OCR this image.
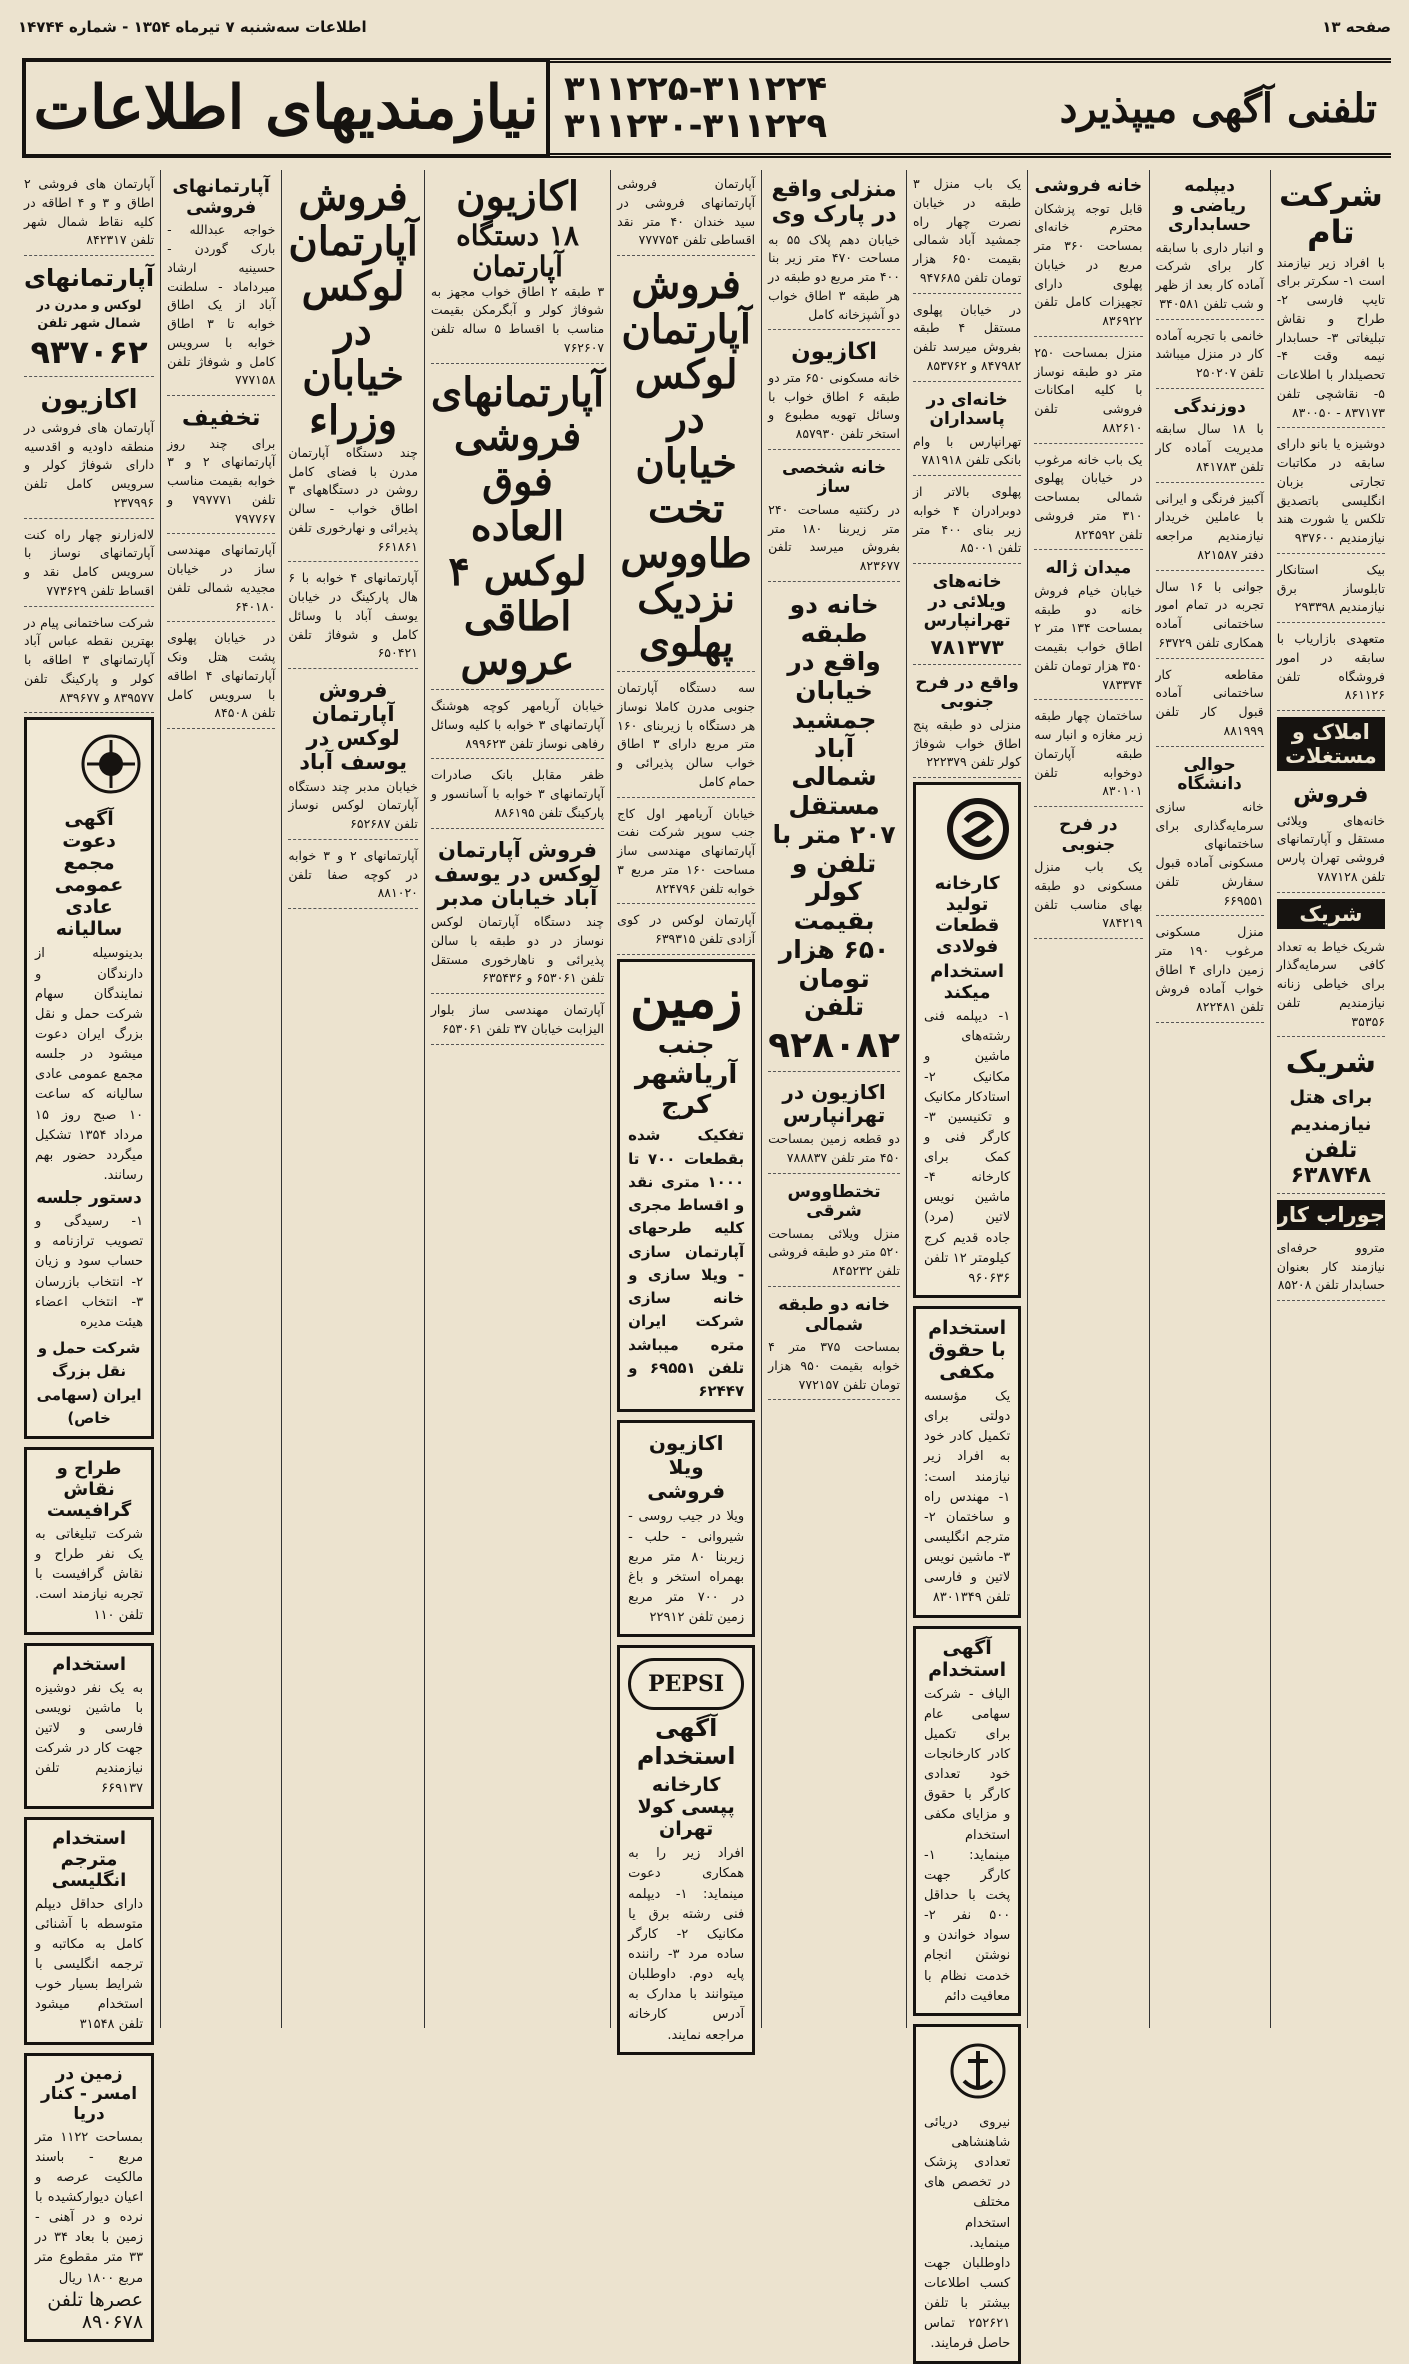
اطلاعات سه‌شنبه ۷ تیرماه ۱۳۵۴ - شماره ۱۴۷۴۴	صفحه ۱۳
نیازمندیهای اطلاعات	تلفنی آگهی میپذیرد
۳۱۱۲۲۵-۳۱۱۲۲۴
۳۱۱۲۳۰-۳۱۱۲۲۹
شرکت تام

با افراد زیر نیازمند است ۱- سکرتر برای تایپ فارسی ۲- طراح و نقاش تبلیغاتی ۳- حسابدار نیمه وقت ۴- تحصیلدار با اطلاعات ۵- نقاشچی تلفن ۸۳۷۱۷۳ - ۸۳۰۰۵۰

دوشیزه یا بانو دارای سابقه در مکاتبات تجارتی بزبان انگلیسی باتصدیق تلکس یا شورت هند نیازمندیم ۹۳۷۶۰۰

بیک استانکار تابلوساز برق نیازمندیم ۲۹۳۳۹۸

متعهدی بازاریاب با سابقه در امور فروشگاه تلفن ۸۶۱۱۲۶

املاک و مستغلات
فروش

خانه‌های ویلائی مستقل و آپارتمانهای فروشی تهران پارس تلفن ۷۸۷۱۲۸

شریک

شریک خیاط به تعداد کافی سرمایه‌گذار برای خیاطی زنانه نیازمندیم تلفن ۳۵۳۵۶

شریک

برای هتل نیازمندیم

تلفن ۶۳۸۷۴۸
جوراب کار

متروو حرفه‌ای نیازمند کار بعنوان حسابدار تلفن ۸۵۲۰۸

دیپلمه ریاضی و حسابداری

و انبار داری با سابقه کار برای شرکت آماده کار بعد از ظهر و شب تلفن ۳۴۰۵۸۱

خانمی با تجربه آماده کار در منزل میباشد تلفن ۲۵۰۲۰۷

دوزندگی

با ۱۸ سال سابقه مدیریت آماده کار تلفن ۸۴۱۷۸۳

آکبیز فرنگی و ایرانی با عاملین خریدار نیازمندیم مراجعه دفتر ۸۲۱۵۸۷

جوانی با ۱۶ سال تجربه در تمام امور ساختمانی آماده همکاری تلفن ۶۳۷۲۹

مقاطعه کار ساختمانی آماده قبول کار تلفن ۸۸۱۹۹۹

حوالی دانشگاه

خانه سازی سرمایه‌گذاری برای ساختمانهای مسکونی آماده قبول سفارش تلفن ۶۶۹۵۵۱

منزل مسکونی مرغوب ۱۹۰ متر زمین دارای ۴ اطاق خواب آماده فروش تلفن ۸۲۲۴۸۱

خانه فروشی

قابل توجه پزشکان محترم خانه‌ای بمساحت ۳۶۰ متر مربع در خیابان پهلوی دارای تجهیزات کامل تلفن ۸۳۶۹۲۲

منزل بمساحت ۲۵۰ متر دو طبقه نوساز با کلیه امکانات فروشی تلفن ۸۸۲۶۱۰

یک باب خانه مرغوب در خیابان پهلوی شمالی بمساحت ۳۱۰ متر فروشی تلفن ۸۲۴۵۹۲

میدان ژاله

خیابان خیام فروش خانه دو طبقه بمساحت ۱۳۴ متر ۲ اطاق خواب بقیمت ۳۵۰ هزار تومان تلفن ۷۸۳۳۷۴

ساختمان چهار طبقه زیر مغازه و انبار سه طبقه آپارتمان دوخوابه تلفن ۸۳۰۱۰۱

در فرح جنوبی

یک باب منزل مسکونی دو طبقه بهای مناسب تلفن ۷۸۴۲۱۹

یک باب منزل ۳ طبقه در خیابان نصرت چهار راه جمشید آباد شمالی بقیمت ۶۵۰ هزار تومان تلفن ۹۴۷۶۸۵

در خیابان پهلوی مستقل ۴ طبقه بفروش میرسد تلفن ۸۴۷۹۸۲ و ۸۵۳۷۶۲

خانه‌ای در پاسداران

تهرانپارس با وام بانکی تلفن ۷۸۱۹۱۸

پهلوی بالاتر از دوبرادران ۴ خوابه زیر بنای ۴۰۰ متر تلفن ۸۵۰۰۱

خانه‌های ویلائی در تهرانپارس
۷۸۱۳۷۳
واقع در فرح جنوبی

منزلی دو طبقه پنج اطاق خواب شوفاژ کولر تلفن ۲۲۲۳۷۹

کارخانه تولید قطعات فولادی
استخدام میکند

۱- دیپلمه فنی رشته‌های ماشین و مکانیک ۲- استادکار مکانیک و تکنیسین ۳- کارگر فنی و کمک برای کارخانه ۴- ماشین نویس لاتین (مرد) جاده قدیم کرج کیلومتر ۱۲ تلفن ۹۶۰۶۳۶

استخدام با حقوق مکفی

یک مؤسسه دولتی برای تکمیل کادر خود به افراد زیر نیازمند است: ۱- مهندس راه و ساختمان ۲- مترجم انگلیسی ۳- ماشین نویس لاتین و فارسی تلفن ۸۳۰۱۳۴۹

آگهی استخدام

الیاف - شرکت سهامی عام برای تکمیل کادر کارخانجات خود تعدادی کارگر با حقوق و مزایای مکفی استخدام مینماید: ۱- کارگر جهت پخت با حداقل ۵۰۰ نفر ۲- سواد خواندن و نوشتن انجام خدمت نظام با معافیت دائم

نیروی دریائی شاهنشاهی تعدادی پزشک در تخصص های مختلف استخدام مینماید. داوطلبان جهت کسب اطلاعات بیشتر با تلفن ۲۵۲۶۲۱ تماس حاصل فرمایند.

منزلی واقع در پارک وی

خیابان دهم پلاک ۵۵ به مساحت ۴۷۰ متر زیر بنا ۴۰۰ متر مربع دو طبقه در هر طبقه ۳ اطاق خواب دو آشپزخانه کامل

اکازیون

خانه مسکونی ۶۵۰ متر دو طبقه ۶ اطاق خواب با وسائل تهویه مطبوع و استخر تلفن ۸۵۷۹۳۰

خانه شخصی ساز

در رکنتیه مساحت ۲۴۰ متر زیربنا ۱۸۰ متر بفروش میرسد تلفن ۸۲۳۶۷۷

خانه دو طبقه واقع در خیابان جمشید آباد شمالی مستقل ۲۰۷ متر با تلفن و کولر بقیمت ۶۵۰ هزار تومان تلفن
۹۲۸۰۸۲
اکازیون در تهرانپارس

دو قطعه زمین بمساحت ۴۵۰ متر تلفن ۷۸۸۸۳۷

تختطاووس شرقی

منزل ویلائی بمساحت ۵۲۰ متر دو طبقه فروشی تلفن ۸۴۵۲۳۲

خانه دو طبقه شمالی

بمساحت ۳۷۵ متر ۴ خوابه بقیمت ۹۵۰ هزار تومان تلفن ۷۷۲۱۵۷

آپارتمان فروشی آپارتمانهای فروشی در سید خندان ۴۰ متر نقد اقساطی تلفن ۷۷۷۷۵۴

فروش آپارتمان لوکس در خیابان تخت طاووس نزدیک پهلوی

سه دستگاه آپارتمان جنوبی مدرن کاملا نوساز هر دستگاه با زیربنای ۱۶۰ متر مربع دارای ۳ اطاق خواب سالن پذیرائی و حمام کامل

خیابان آریامهر اول کاج جنب سوپر شرکت نفت آپارتمانهای مهندسی ساز مساحت ۱۶۰ متر مربع ۳ خوابه تلفن ۸۲۴۷۹۶

آپارتمان لوکس در کوی آزادی تلفن ۶۳۹۳۱۵

زمین
جنب آریاشهر کرج

تفکیک شده بقطعات ۷۰۰ تا ۱۰۰۰ متری نقد و اقساط مجری کلیه طرحهای آپارتمان سازی - ویلا سازی و خانه سازی شرکت ایران متره میباشد تلفن ۶۹۵۵۱ و ۶۲۴۴۷

اکازیون ویلا فروشی

ویلا در جیب روسی - شیرو‌انی - حلب - زیربنا ۸۰ متر مربع بهمراه استخر و باغ در ۷۰۰ متر مربع زمین تلفن ۲۲۹۱۲

PEPSI
آگهی استخدام
کارخانه پپسی کولا تهران

افراد زیر را به همکاری دعوت مینماید: ۱- دیپلمه فنی رشته برق یا مکانیک ۲- کارگر ساده مرد ۳- راننده پایه دوم. داوطلبان میتوانند با مدارک به آدرس کارخانه مراجعه نمایند.

اکازیون
۱۸ دستگاه آپارتمان

۳ طبقه ۲ اطاق خواب مجهز به شوفاژ کولر و آبگرمکن بقیمت مناسب با اقساط ۵ ساله تلفن ۷۶۲۶۰۷

آپارتمانهای فروشی فوق العاده لوکس ۴ اطاقی عروس

خیابان آریامهر کوچه هوشنگ آپارتمانهای ۳ خوابه با کلیه وسائل رفاهی نوساز تلفن ۸۹۹۶۲۳

ظفر مقابل بانک صادرات آپارتمانهای ۳ خوابه با آسانسور و پارکینگ تلفن ۸۸۶۱۹۵

فروش آپارتمان لوکس در یوسف آباد خیابان مدبر

چند دستگاه آپارتمان لوکس نوساز در دو طبقه با سالن پذیرائی و ناهارخوری مستقل تلفن ۶۵۳۰۶۱ و ۶۳۵۴۳۶

آپارتمان مهندسی ساز بلوار الیزابت خیابان ۳۷ تلفن ۶۵۳۰۶۱

فروش آپارتمان لوکس در خیابان وزراء

چند دستگاه آپارتمان مدرن با فضای کامل روشن در دستگاههای ۳ اطاق خواب - سالن پذیرائی و نهارخوری تلفن ۶۶۱۸۶۱

آپارتمانهای ۴ خوابه با ۶ هال پارکینگ در خیابان یوسف آباد با وسائل کامل و شوفاژ تلفن ۶۵۰۴۲۱

فروش آپارتمان لوکس در یوسف آباد

خیابان مدبر چند دستگاه آپارتمان لوکس نوساز تلفن ۶۵۲۶۸۷

آپارتمانهای ۲ و ۳ خوابه در کوچه صفا تلفن ۸۸۱۰۲۰

آپارتمانهای فروشی

خواجه عبدالله - بارک گوردن - حسینیه ارشاد میرداماد - سلطنت آباد از یک اطاق خوابه تا ۳ اطاق خوابه با سرویس کامل و شوفاژ تلفن ۷۷۷۱۵۸

تخفیف

برای چند روز آپارتمانهای ۲ و ۳ خوابه بقیمت مناسب تلفن ۷۹۷۷۷۱ و ۷۹۷۷۶۷

آپارتمانهای مهندسی ساز در خیابان مجیدیه شمالی تلفن ۶۴۰۱۸۰

در خیابان پهلوی پشت هتل ونک آپارتمانهای ۴ اطاقه با سرویس کامل تلفن ۸۴۵۰۸

آپارتمان های فروشی ۲ اطاق و ۳ و ۴ اطاقه در کلیه نقاط شمال شهر تلفن ۸۴۲۳۱۷

آپارتمانهای

لوکس و مدرن در شمال شهر تلفن

۹۳۷۰۶۲
اکازیون

آپارتمان های فروشی در منطقه داودیه و اقدسیه دارای شوفاژ کولر و سرویس کامل تلفن ۲۳۷۹۹۶

لاله‌زارنو چهار راه کنت آپارتمانهای نوساز با سرویس کامل نقد و اقساط تلفن ۷۷۳۶۲۹

شرکت ساختمانی پیام در بهترین نقطه عباس آباد آپارتمانهای ۳ اطاقه با کولر و پارکینگ تلفن ۸۳۹۵۷۷ و ۸۳۹۶۷۷

آگهی دعوت مجمع عمومی عادی سالیانه

بدینوسیله از دارندگان و نمایندگان سهام شرکت حمل و نقل بزرگ ایران دعوت میشود در جلسه مجمع عمومی عادی سالیانه که ساعت ۱۰ صبح روز ۱۵ مرداد ۱۳۵۴ تشکیل میگردد حضور بهم رسانند.

دستور جلسه

۱- رسیدگی و تصویب ترازنامه و حساب سود و زیان ۲- انتخاب بازرسان ۳- انتخاب اعضاء هیئت مدیره

شرکت حمل و نقل بزرگ ایران (سهامی خاص)

طراح و نقاش گرافیست

شرکت تبلیغاتی به یک نفر طراح و نقاش گرافیست با تجربه نیازمند است. تلفن ۱۱۰

استخدام

به یک نفر دوشیزه با ماشین نویسی فارسی و لاتین جهت کار در شرکت نیازمندیم تلفن ۶۶۹۱۳۷

استخدام مترجم انگلیسی

دارای حداقل دیپلم متوسطه با آشنائی کامل به مکاتبه و ترجمه انگلیسی با شرایط بسیار خوب استخدام میشود تلفن ۳۱۵۴۸

زمین در امسر - کنار دریا

بمساحت ۱۱۲۲ متر مربع - باسند مالکیت عرصه و اعیان دیوارکشیده با نرده و در آهنی - زمین با بعاد ۳۴ در ۳۳ متر مقطوع متر مربع ۱۸۰۰ ریال

عصرها تلفن ۸۹۰۶۷۸
